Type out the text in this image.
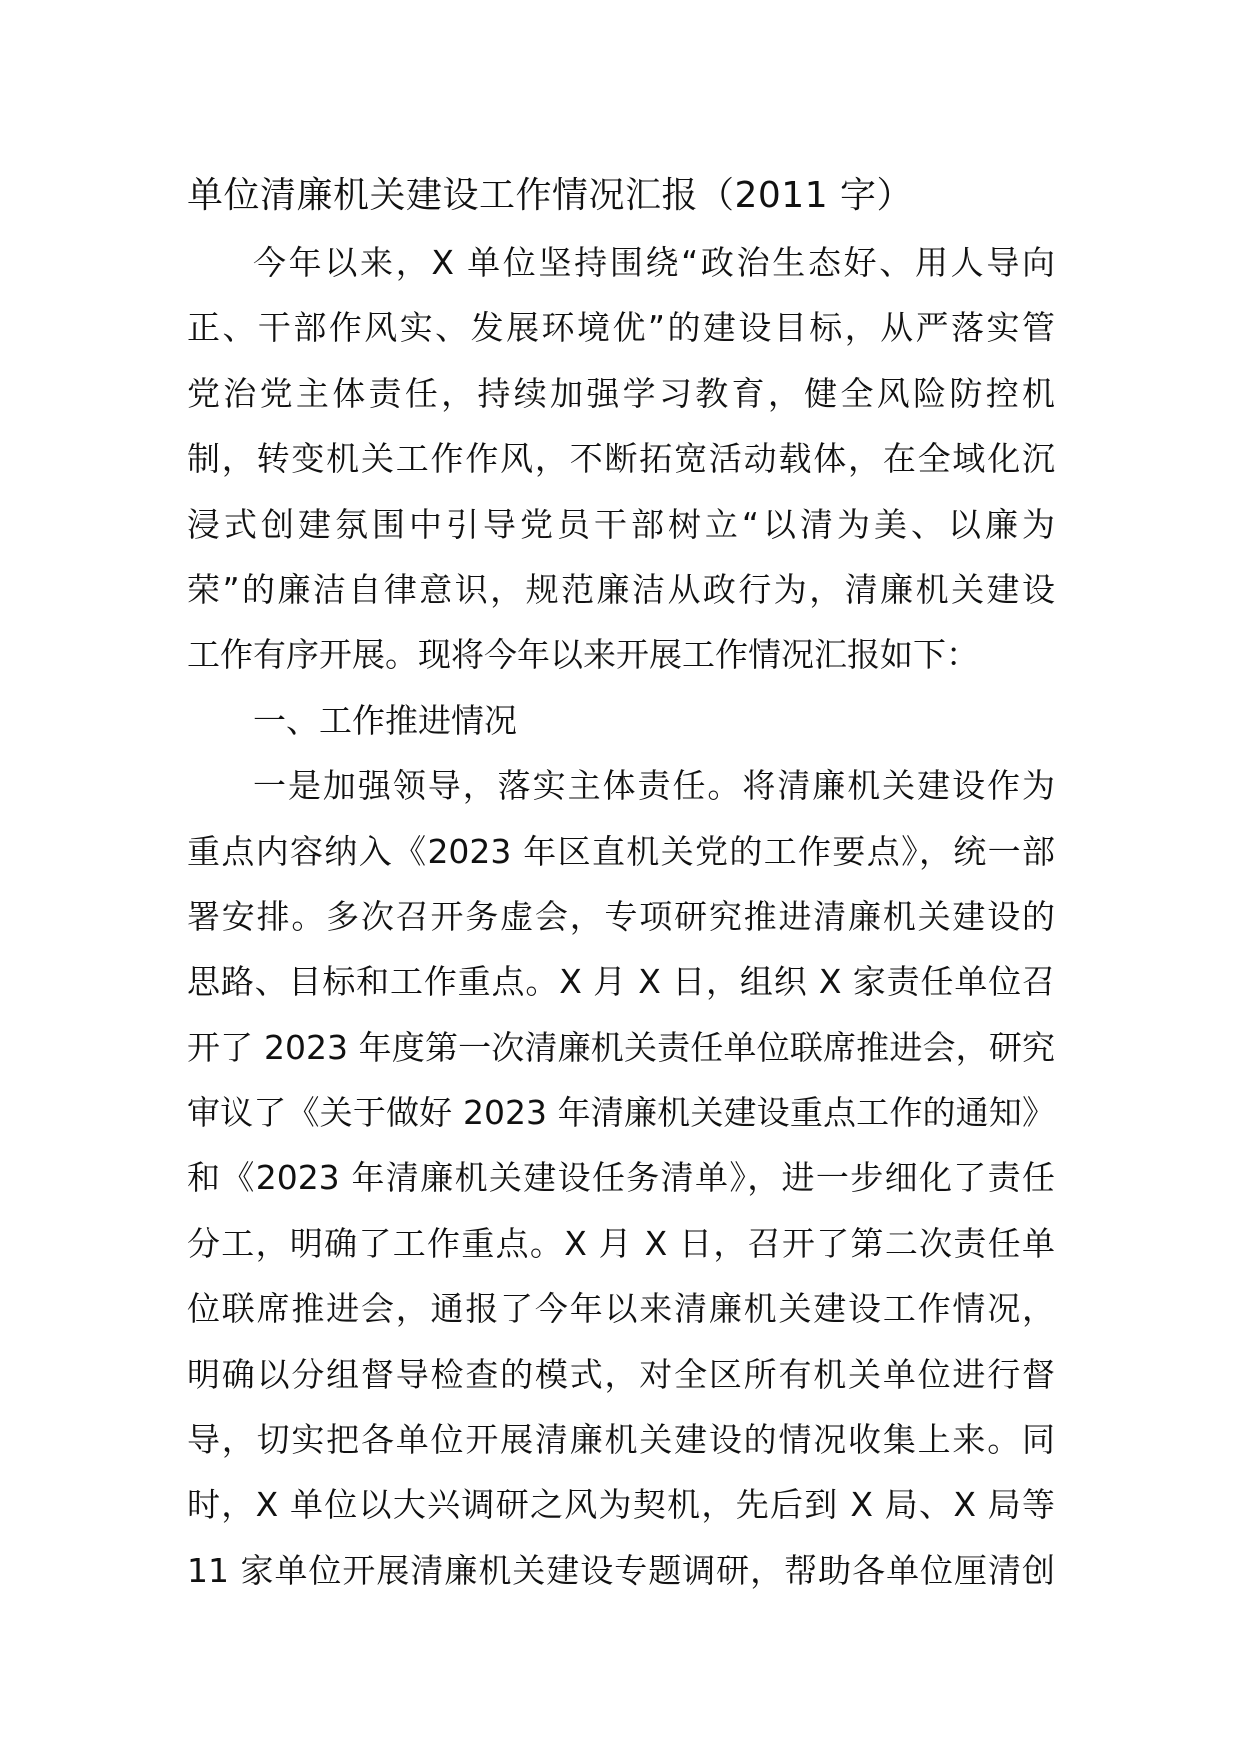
单位清廉机关建设工作情况汇报（2011 字）
今年以来，X 单位坚持围绕“政治生态好、用人导向
正、干部作风实、发展环境优”的建设目标，从严落实管
党治党主体责任，持续加强学习教育，健全风险防控机
制，转变机关工作作风，不断拓宽活动载体，在全域化沉
浸式创建氛围中引导党员干部树立“以清为美、以廉为
荣”的廉洁自律意识，规范廉洁从政行为，清廉机关建设
工作有序开展。现将今年以来开展工作情况汇报如下：
一、工作推进情况
一是加强领导，落实主体责任。将清廉机关建设作为
重点内容纳入《2023 年区直机关党的工作要点》，统一部
署安排。多次召开务虚会，专项研究推进清廉机关建设的
思路、目标和工作重点。X 月 X 日，组织 X 家责任单位召
开了 2023 年度第一次清廉机关责任单位联席推进会，研究
审议了《关于做好 2023 年清廉机关建设重点工作的通知》
和《2023 年清廉机关建设任务清单》，进一步细化了责任
分工，明确了工作重点。X 月 X 日，召开了第二次责任单
位联席推进会，通报了今年以来清廉机关建设工作情况，
明确以分组督导检查的模式，对全区所有机关单位进行督
导，切实把各单位开展清廉机关建设的情况收集上来。同
时，X 单位以大兴调研之风为契机，先后到 X 局、X 局等
11 家单位开展清廉机关建设专题调研，帮助各单位厘清创
